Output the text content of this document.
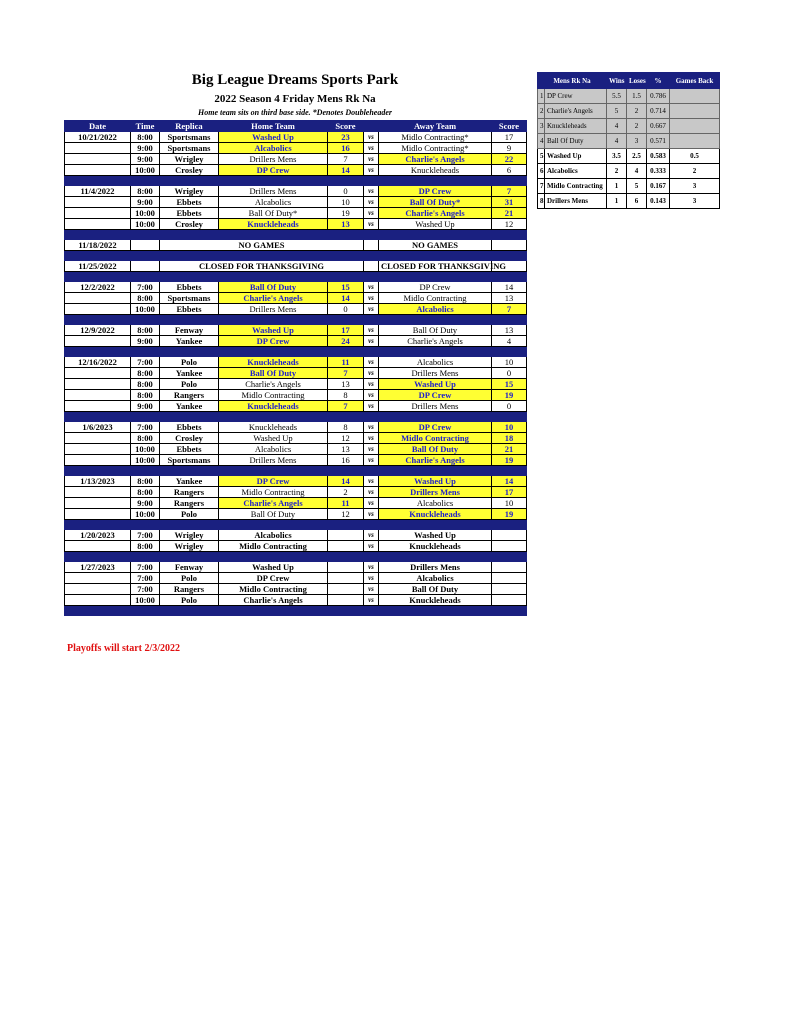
Big League Dreams Sports Park
2022 Season 4 Friday Mens Rk Na
Home team sits on third base side. *Denotes Doubleheader
Date	Time	Replica	Home Team	Score		Away Team	Score
10/21/2022	8:00	Sportsmans	Washed Up	23	vs	Midlo Contracting*	17
	9:00	Sportsmans	Alcabolics	16	vs	Midlo Contracting*	9
	9:00	Wrigley	Drillers Mens	7	vs	Charlie's Angels	22
	10:00	Crosley	DP Crew	14	vs	Knuckleheads	6

11/4/2022	8:00	Wrigley	Drillers Mens	0	vs	DP Crew	7
	9:00	Ebbets	Alcabolics	10	vs	Ball Of Duty*	31
	10:00	Ebbets	Ball Of Duty*	19	vs	Charlie's Angels	21
	10:00	Crosley	Knuckleheads	13	vs	Washed Up	12

11/18/2022		NO GAMES				NO GAMES	

11/25/2022		CLOSED FOR THANKSGIVING				CLOSED FOR THANKSGIVING	

12/2/2022	7:00	Ebbets	Ball Of Duty	15	vs	DP Crew	14
	8:00	Sportsmans	Charlie's Angels	14	vs	Midlo Contracting	13
	10:00	Ebbets	Drillers Mens	0	vs	Alcabolics	7

12/9/2022	8:00	Fenway	Washed Up	17	vs	Ball Of Duty	13
	9:00	Yankee	DP Crew	24	vs	Charlie's Angels	4

12/16/2022	7:00	Polo	Knuckleheads	11	vs	Alcabolics	10
	8:00	Yankee	Ball Of Duty	7	vs	Drillers Mens	0
	8:00	Polo	Charlie's Angels	13	vs	Washed Up	15
	8:00	Rangers	Midlo Contracting	8	vs	DP Crew	19
	9:00	Yankee	Knuckleheads	7	vs	Drillers Mens	0

1/6/2023	7:00	Ebbets	Knuckleheads	8	vs	DP Crew	10
	8:00	Crosley	Washed Up	12	vs	Midlo Contracting	18
	10:00	Ebbets	Alcabolics	13	vs	Ball Of Duty	21
	10:00	Sportsmans	Drillers Mens	16	vs	Charlie's Angels	19

1/13/2023	8:00	Yankee	DP Crew	14	vs	Washed Up	14
	8:00	Rangers	Midlo Contracting	2	vs	Drillers Mens	17
	9:00	Rangers	Charlie's Angels	11	vs	Alcabolics	10
	10:00	Polo	Ball Of Duty	12	vs	Knuckleheads	19

1/20/2023	7:00	Wrigley	Alcabolics		vs	Washed Up	
	8:00	Wrigley	Midlo Contracting		vs	Knuckleheads	

1/27/2023	7:00	Fenway	Washed Up		vs	Drillers Mens	
	7:00	Polo	DP Crew		vs	Alcabolics	
	7:00	Rangers	Midlo Contracting		vs	Ball Of Duty	
	10:00	Polo	Charlie's Angels		vs	Knuckleheads	

Playoffs will start 2/3/2022
Mens Rk Na		Wins	Loses	%	Games Back
1	DP Crew	5.5	1.5	0.786	
2	Charlie's Angels	5	2	0.714	
3	Knuckleheads	4	2	0.667	
4	Ball Of Duty	4	3	0.571	
5	Washed Up	3.5	2.5	0.583	0.5
6	Alcabolics	2	4	0.333	2
7	Midlo Contracting	1	5	0.167	3
8	Drillers Mens	1	6	0.143	3
